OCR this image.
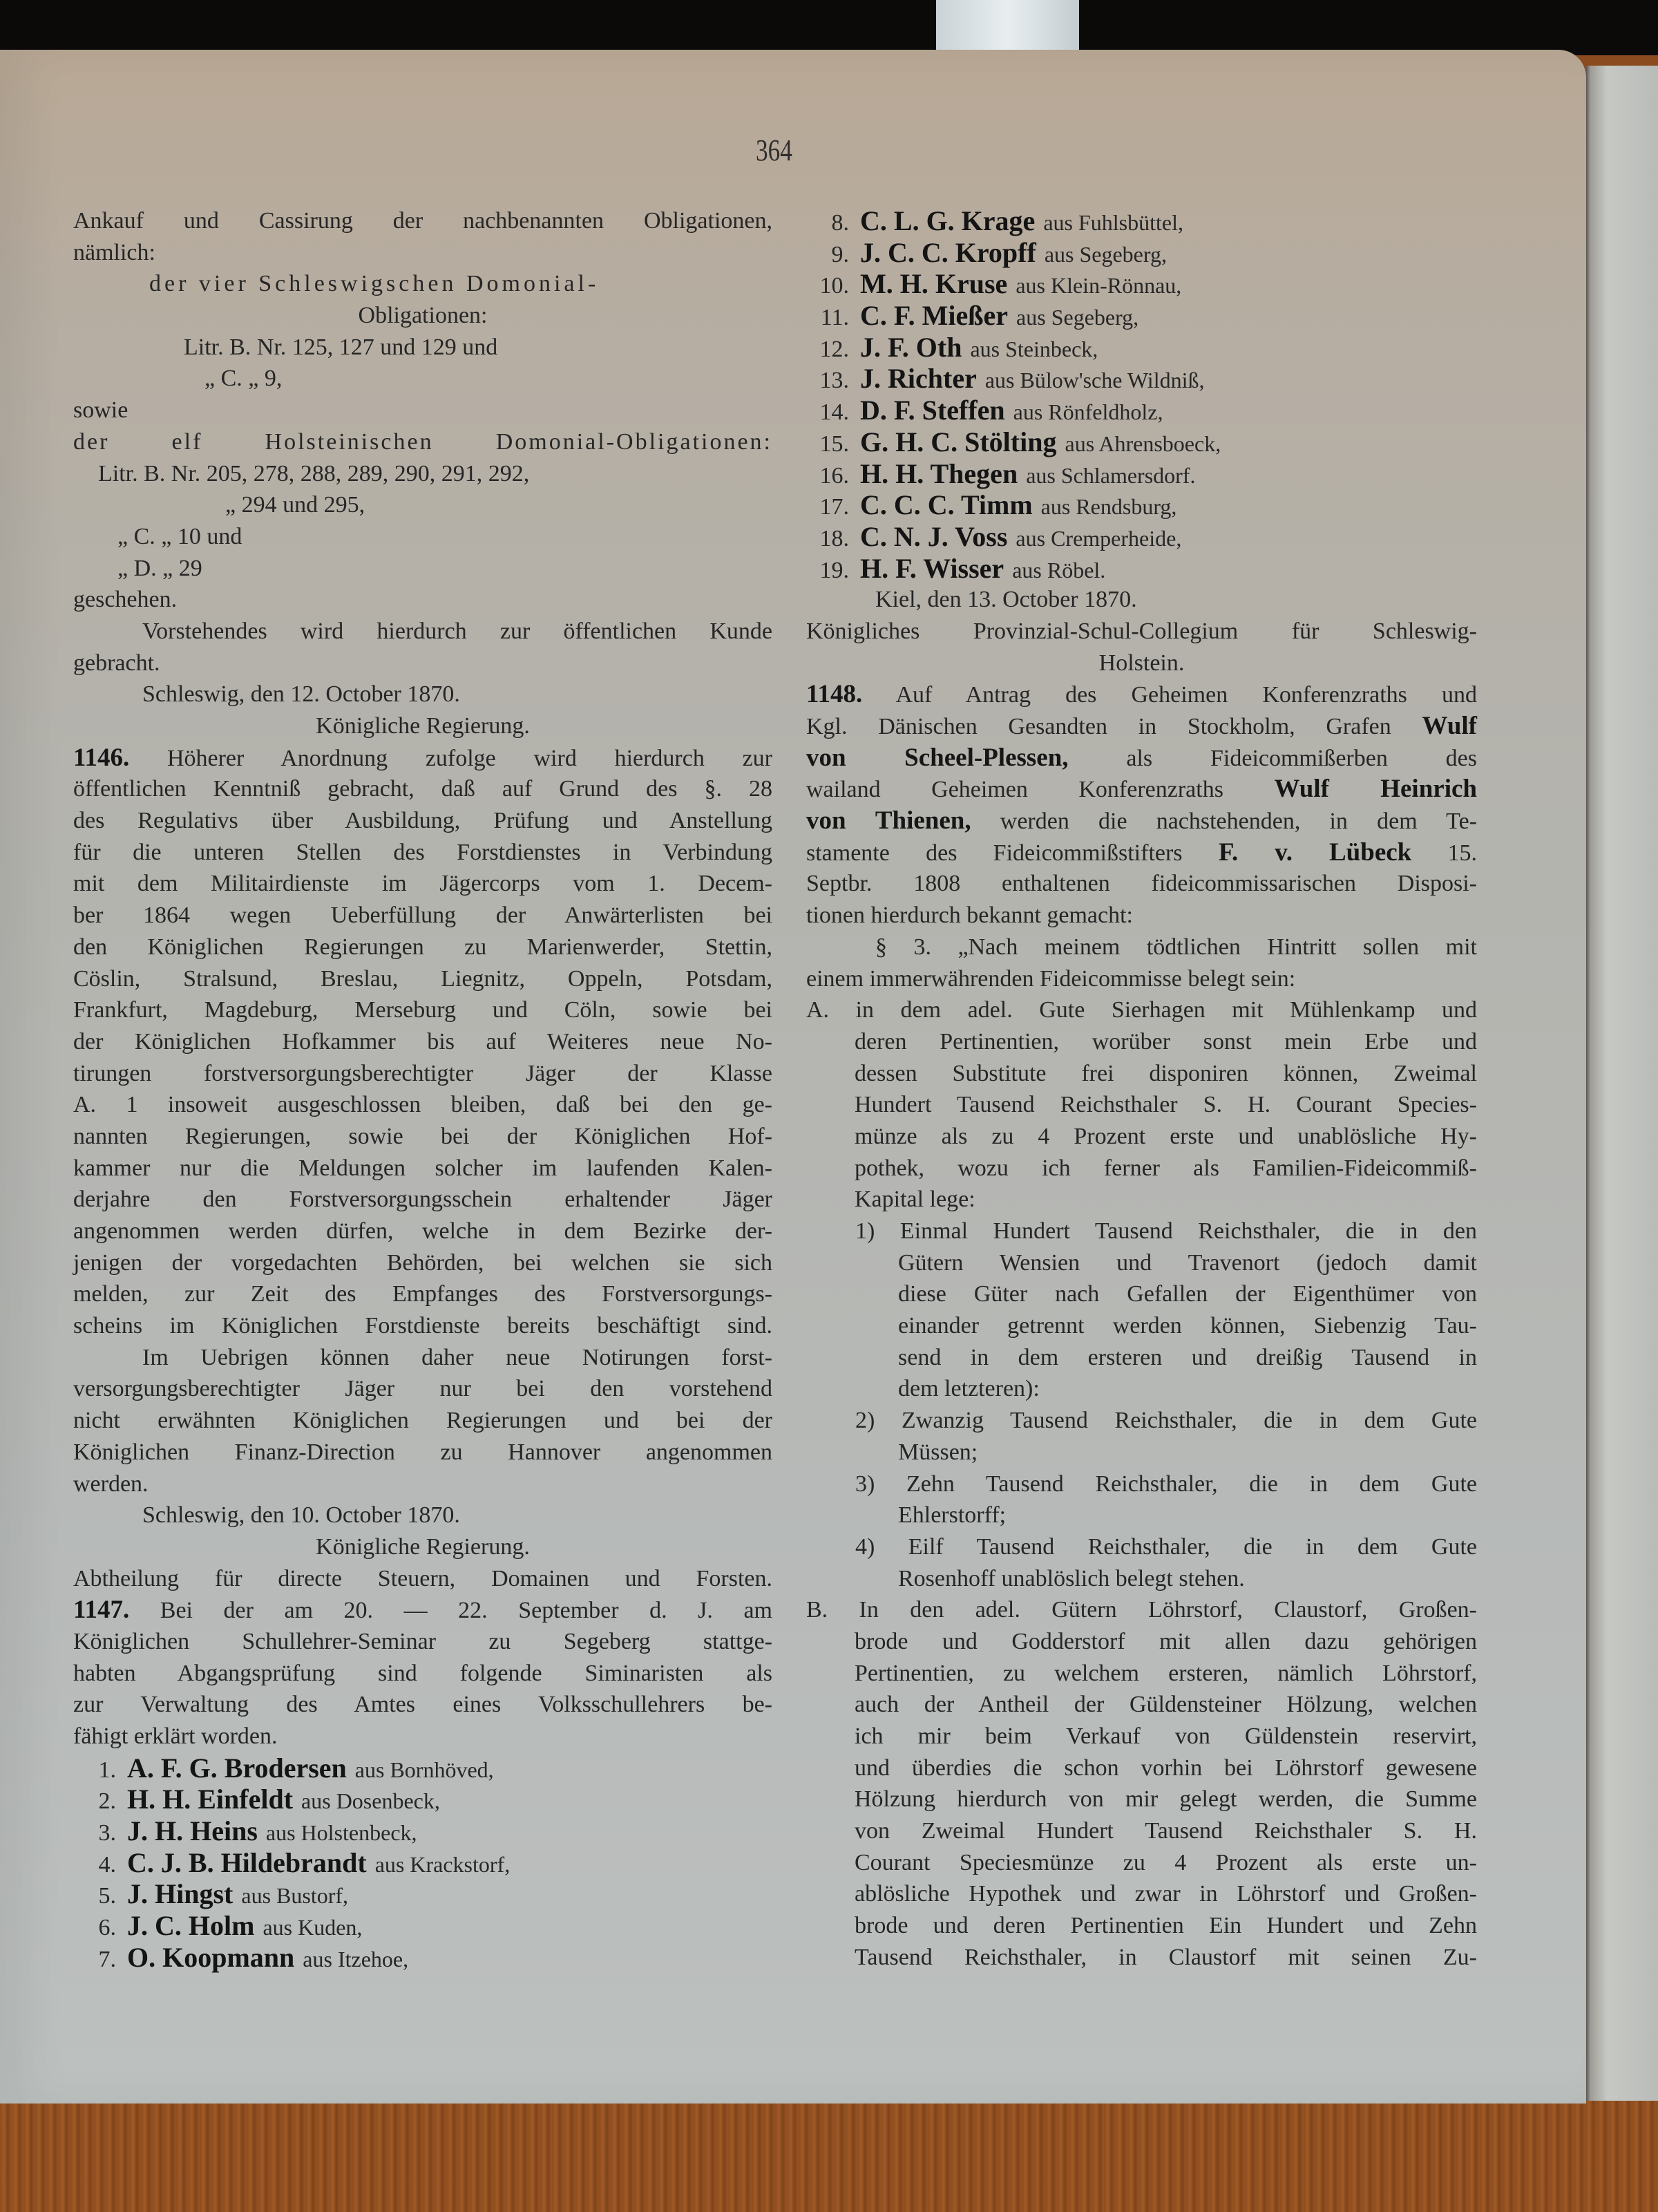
364
Ankauf und Cassirung der nachbenannten Obligationen,
nämlich:
der vier Schleswigschen Domonial-
Obligationen:
Litr. B. Nr. 125, 127 und 129 und
„ C. „ 9,
sowie
der elf Holsteinischen Domonial-Obligationen:
Litr. B. Nr. 205, 278, 288, 289, 290, 291, 292,
„ 294 und 295,
„ C. „ 10 und
„ D. „ 29
geschehen.
Vorstehendes wird hierdurch zur öffentlichen Kunde
gebracht.
Schleswig, den 12. October 1870.
Königliche Regierung.
1146. Höherer Anordnung zufolge wird hierdurch zur
öffentlichen Kenntniß gebracht, daß auf Grund des §. 28
des Regulativs über Ausbildung, Prüfung und Anstellung
für die unteren Stellen des Forstdienstes in Verbindung
mit dem Militairdienste im Jägercorps vom 1. Decem-
ber 1864 wegen Ueberfüllung der Anwärterlisten bei
den Königlichen Regierungen zu Marienwerder, Stettin,
Cöslin, Stralsund, Breslau, Liegnitz, Oppeln, Potsdam,
Frankfurt, Magdeburg, Merseburg und Cöln, sowie bei
der Königlichen Hofkammer bis auf Weiteres neue No-
tirungen forstversorgungsberechtigter Jäger der Klasse
A. 1 insoweit ausgeschlossen bleiben, daß bei den ge-
nannten Regierungen, sowie bei der Königlichen Hof-
kammer nur die Meldungen solcher im laufenden Kalen-
derjahre den Forstversorgungsschein erhaltender Jäger
angenommen werden dürfen, welche in dem Bezirke der-
jenigen der vorgedachten Behörden, bei welchen sie sich
melden, zur Zeit des Empfanges des Forstversorgungs-
scheins im Königlichen Forstdienste bereits beschäftigt sind.
Im Uebrigen können daher neue Notirungen forst-
versorgungsberechtigter Jäger nur bei den vorstehend
nicht erwähnten Königlichen Regierungen und bei der
Königlichen Finanz-Direction zu Hannover angenommen
werden.
Schleswig, den 10. October 1870.
Königliche Regierung.
Abtheilung für directe Steuern, Domainen und Forsten.
1147. Bei der am 20. — 22. September d. J. am
Königlichen Schullehrer-Seminar zu Segeberg stattge-
habten Abgangsprüfung sind folgende Siminaristen als
zur Verwaltung des Amtes eines Volksschullehrers be-
fähigt erklärt worden.
1. A. F. G. Brodersen aus Bornhöved,
2. H. H. Einfeldt aus Dosenbeck,
3. J. H. Heins aus Holstenbeck,
4. C. J. B. Hildebrandt aus Krackstorf,
5. J. Hingst aus Bustorf,
6. J. C. Holm aus Kuden,
7. O. Koopmann aus Itzehoe,
8. C. L. G. Krage aus Fuhlsbüttel,
9. J. C. C. Kropff aus Segeberg,
10. M. H. Kruse aus Klein-Rönnau,
11. C. F. Mießer aus Segeberg,
12. J. F. Oth aus Steinbeck,
13. J. Richter aus Bülow'sche Wildniß,
14. D. F. Steffen aus Rönfeldholz,
15. G. H. C. Stölting aus Ahrensboeck,
16. H. H. Thegen aus Schlamersdorf.
17. C. C. C. Timm aus Rendsburg,
18. C. N. J. Voss aus Cremperheide,
19. H. F. Wisser aus Röbel.
Kiel, den 13. October 1870.
Königliches Provinzial-Schul-Collegium für Schleswig-
Holstein.
1148. Auf Antrag des Geheimen Konferenzraths und
Kgl. Dänischen Gesandten in Stockholm, Grafen Wulf
von Scheel-Plessen, als Fideicommißerben des
wailand Geheimen Konferenzraths Wulf Heinrich
von Thienen, werden die nachstehenden, in dem Te-
stamente des Fideicommißstifters F. v. Lübeck 15.
Septbr. 1808 enthaltenen fideicommissarischen Disposi-
tionen hierdurch bekannt gemacht:
§ 3. „Nach meinem tödtlichen Hintritt sollen mit
einem immerwährenden Fideicommisse belegt sein:
A. in dem adel. Gute Sierhagen mit Mühlenkamp und
deren Pertinentien, worüber sonst mein Erbe und
dessen Substitute frei disponiren können, Zweimal
Hundert Tausend Reichsthaler S. H. Courant Species-
münze als zu 4 Prozent erste und unablösliche Hy-
pothek, wozu ich ferner als Familien-Fideicommiß-
Kapital lege:
1) Einmal Hundert Tausend Reichsthaler, die in den
Gütern Wensien und Travenort (jedoch damit
diese Güter nach Gefallen der Eigenthümer von
einander getrennt werden können, Siebenzig Tau-
send in dem ersteren und dreißig Tausend in
dem letzteren):
2) Zwanzig Tausend Reichsthaler, die in dem Gute
Müssen;
3) Zehn Tausend Reichsthaler, die in dem Gute
Ehlerstorff;
4) Eilf Tausend Reichsthaler, die in dem Gute
Rosenhoff unablöslich belegt stehen.
B. In den adel. Gütern Löhrstorf, Claustorf, Großen-
brode und Godderstorf mit allen dazu gehörigen
Pertinentien, zu welchem ersteren, nämlich Löhrstorf,
auch der Antheil der Güldensteiner Hölzung, welchen
ich mir beim Verkauf von Güldenstein reservirt,
und überdies die schon vorhin bei Löhrstorf gewesene
Hölzung hierdurch von mir gelegt werden, die Summe
von Zweimal Hundert Tausend Reichsthaler S. H.
Courant Speciesmünze zu 4 Prozent als erste un-
ablösliche Hypothek und zwar in Löhrstorf und Großen-
brode und deren Pertinentien Ein Hundert und Zehn
Tausend Reichsthaler, in Claustorf mit seinen Zu-
